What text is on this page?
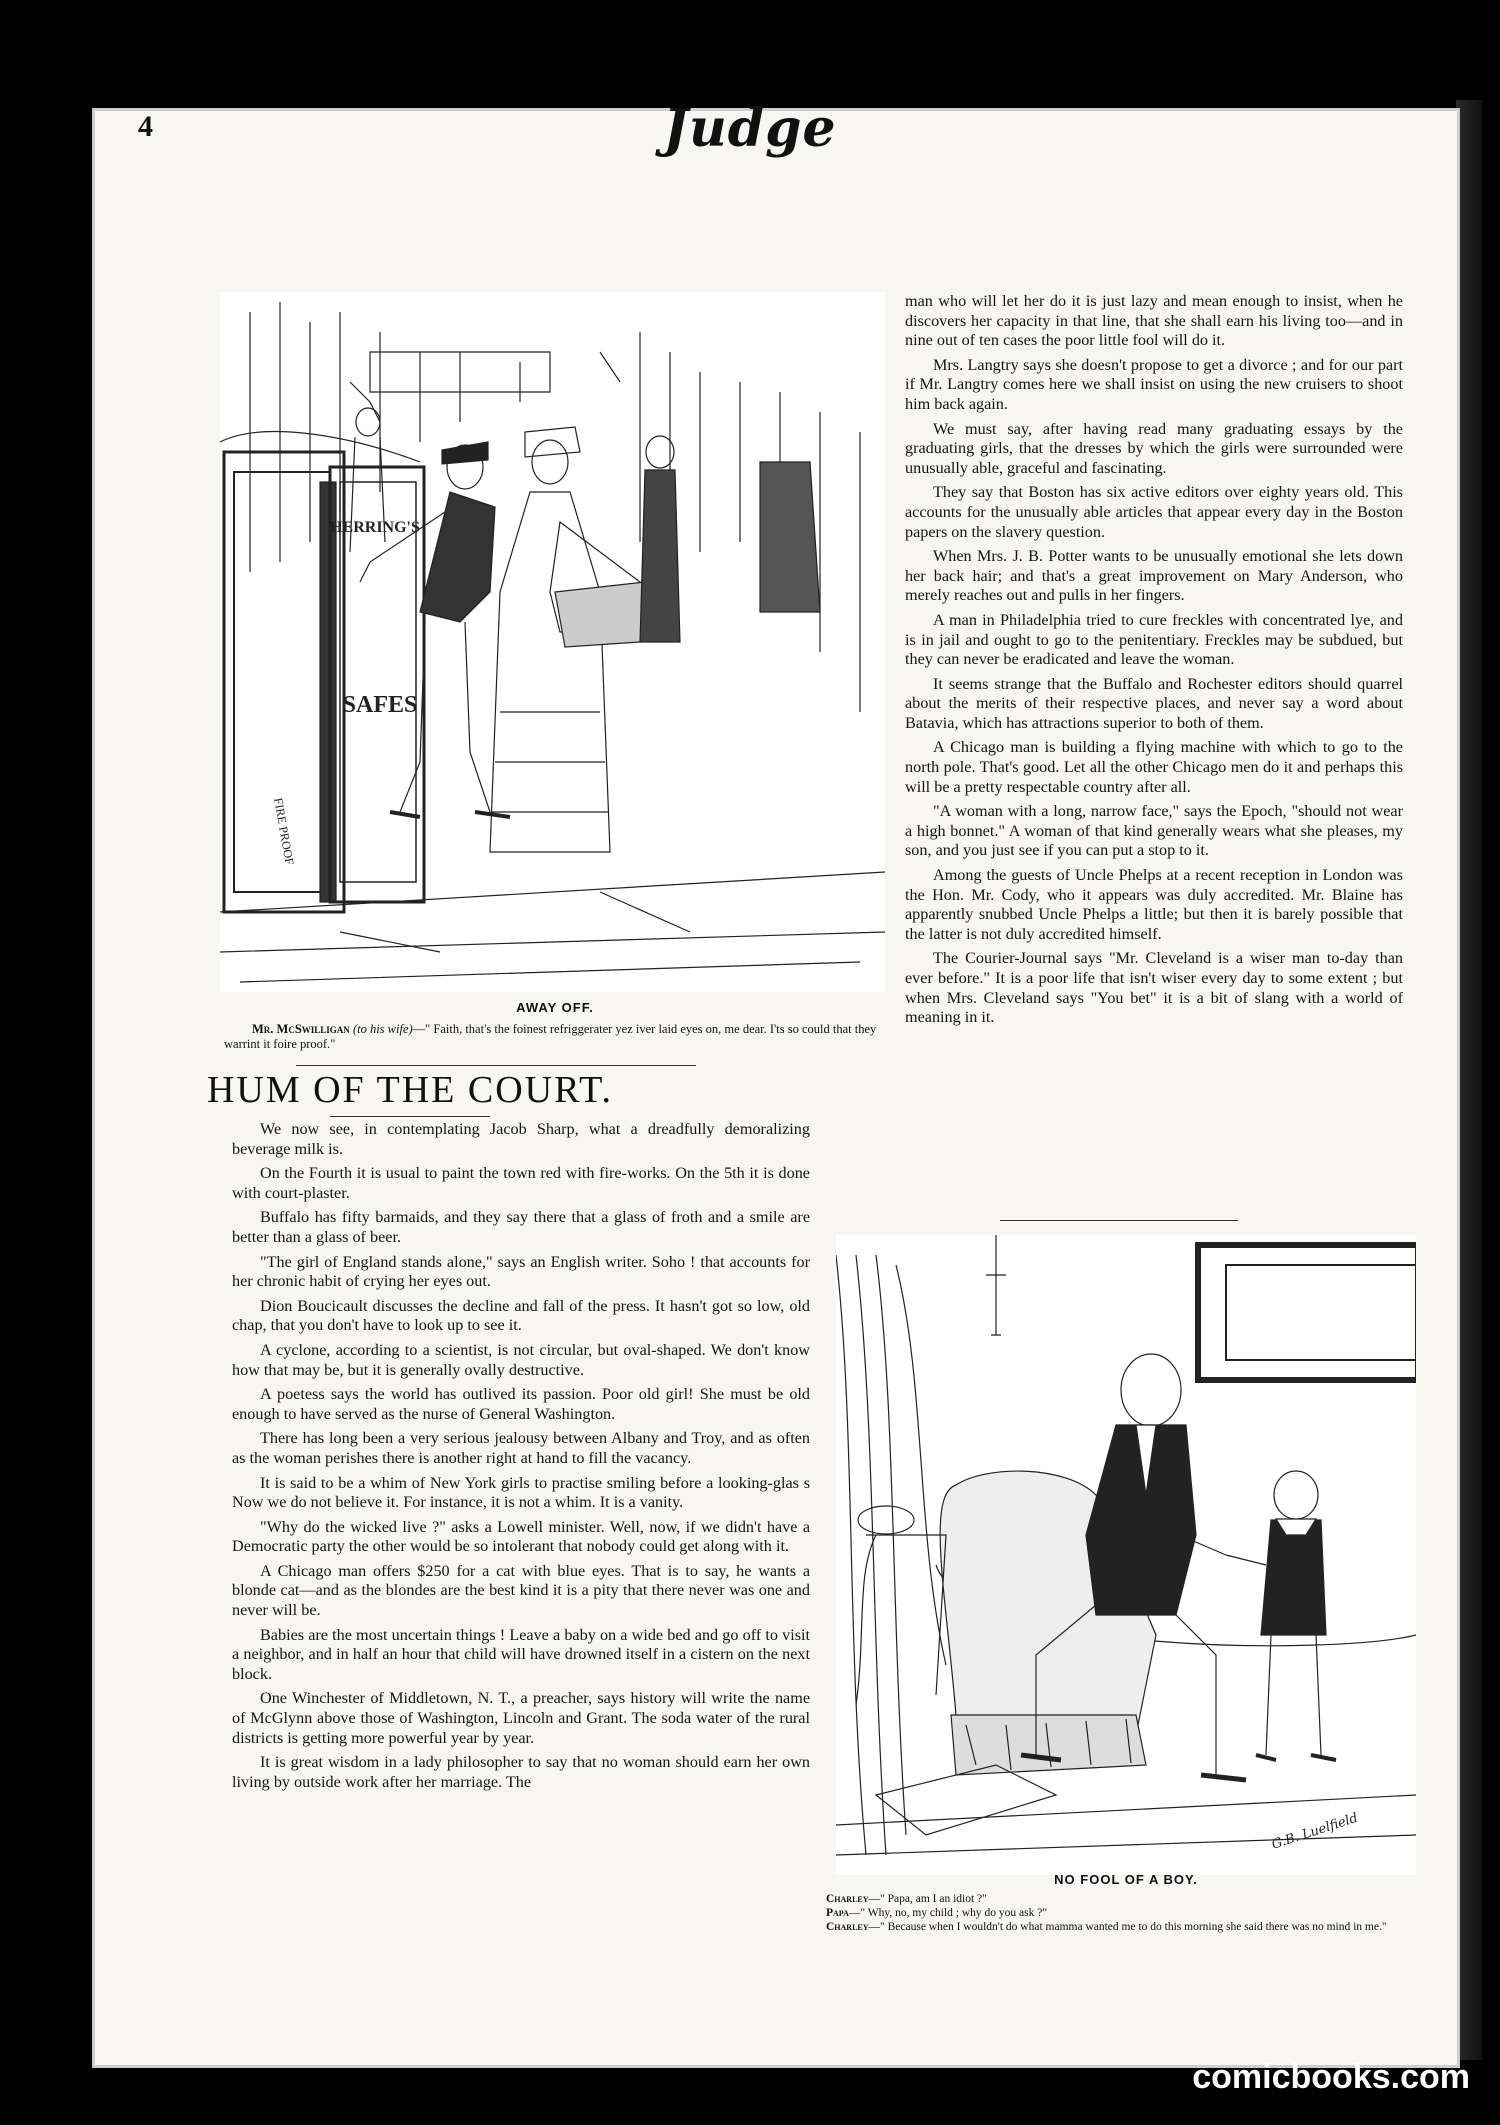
4	Judge
HERRING'S
SAFES
FIRE PROOF
AWAY OFF.
Mr. McSwilligan (to his wife)—" Faith, that's the foinest refriggerater yez iver laid eyes on, me dear. I'ts so could that they warrint it foire proof."
HUM OF THE COURT.

We now see, in contemplating Jacob Sharp, what a dreadfully demoralizing beverage milk is.

On the Fourth it is usual to paint the town red with fire-works. On the 5th it is done with court-plaster.

Buffalo has fifty barmaids, and they say there that a glass of froth and a smile are better than a glass of beer.

"The girl of England stands alone," says an English writer. Soho ! that accounts for her chronic habit of crying her eyes out.

Dion Boucicault discusses the decline and fall of the press. It hasn't got so low, old chap, that you don't have to look up to see it.

A cyclone, according to a scientist, is not circular, but oval-shaped. We don't know how that may be, but it is generally ovally destructive.

A poetess says the world has outlived its passion. Poor old girl! She must be old enough to have served as the nurse of General Washington.

There has long been a very serious jealousy between Albany and Troy, and as often as the woman perishes there is another right at hand to fill the vacancy.

It is said to be a whim of New York girls to practise smiling before a looking-glas s Now we do not believe it. For instance, it is not a whim. It is a vanity.

"Why do the wicked live ?" asks a Lowell minister. Well, now, if we didn't have a Democratic party the other would be so intolerant that nobody could get along with it.

A Chicago man offers $250 for a cat with blue eyes. That is to say, he wants a blonde cat—and as the blondes are the best kind it is a pity that there never was one and never will be.

Babies are the most uncertain things ! Leave a baby on a wide bed and go off to visit a neighbor, and in half an hour that child will have drowned itself in a cistern on the next block.

One Winchester of Middletown, N. T., a preacher, says history will write the name of McGlynn above those of Washington, Lincoln and Grant. The soda water of the rural districts is getting more powerful year by year.

It is great wisdom in a lady philosopher to say that no woman should earn her own living by outside work after her marriage. The

man who will let her do it is just lazy and mean enough to insist, when he discovers her capacity in that line, that she shall earn his living too—and in nine out of ten cases the poor little fool will do it.

Mrs. Langtry says she doesn't propose to get a divorce ; and for our part if Mr. Langtry comes here we shall insist on using the new cruisers to shoot him back again.

We must say, after having read many graduating essays by the graduating girls, that the dresses by which the girls were surrounded were unusually able, graceful and fascinating.

They say that Boston has six active editors over eighty years old. This accounts for the unusually able articles that appear every day in the Boston papers on the slavery question.

When Mrs. J. B. Potter wants to be unusually emotional she lets down her back hair; and that's a great improvement on Mary Anderson, who merely reaches out and pulls in her fingers.

A man in Philadelphia tried to cure freckles with concentrated lye, and is in jail and ought to go to the penitentiary. Freckles may be subdued, but they can never be eradicated and leave the woman.

It seems strange that the Buffalo and Rochester editors should quarrel about the merits of their respective places, and never say a word about Batavia, which has attractions superior to both of them.

A Chicago man is building a flying machine with which to go to the north pole. That's good. Let all the other Chicago men do it and perhaps this will be a pretty respectable country after all.

"A woman with a long, narrow face," says the Epoch, "should not wear a high bonnet." A woman of that kind generally wears what she pleases, my son, and you just see if you can put a stop to it.

Among the guests of Uncle Phelps at a recent reception in London was the Hon. Mr. Cody, who it appears was duly accredited. Mr. Blaine has apparently snubbed Uncle Phelps a little; but then it is barely possible that the latter is not duly accredited himself.

The Courier-Journal says "Mr. Cleveland is a wiser man to-day than ever before." It is a poor life that isn't wiser every day to some extent ; but when Mrs. Cleveland says "You bet" it is a bit of slang with a world of meaning in it.

G.B. Luelfield
NO FOOL OF A BOY.
Charley—" Papa, am I an idiot ?"
Papa—" Why, no, my child ; why do you ask ?"
Charley—" Because when I wouldn't do what mamma wanted me to do this morning she said there was no mind in me."
comicbooks.com
